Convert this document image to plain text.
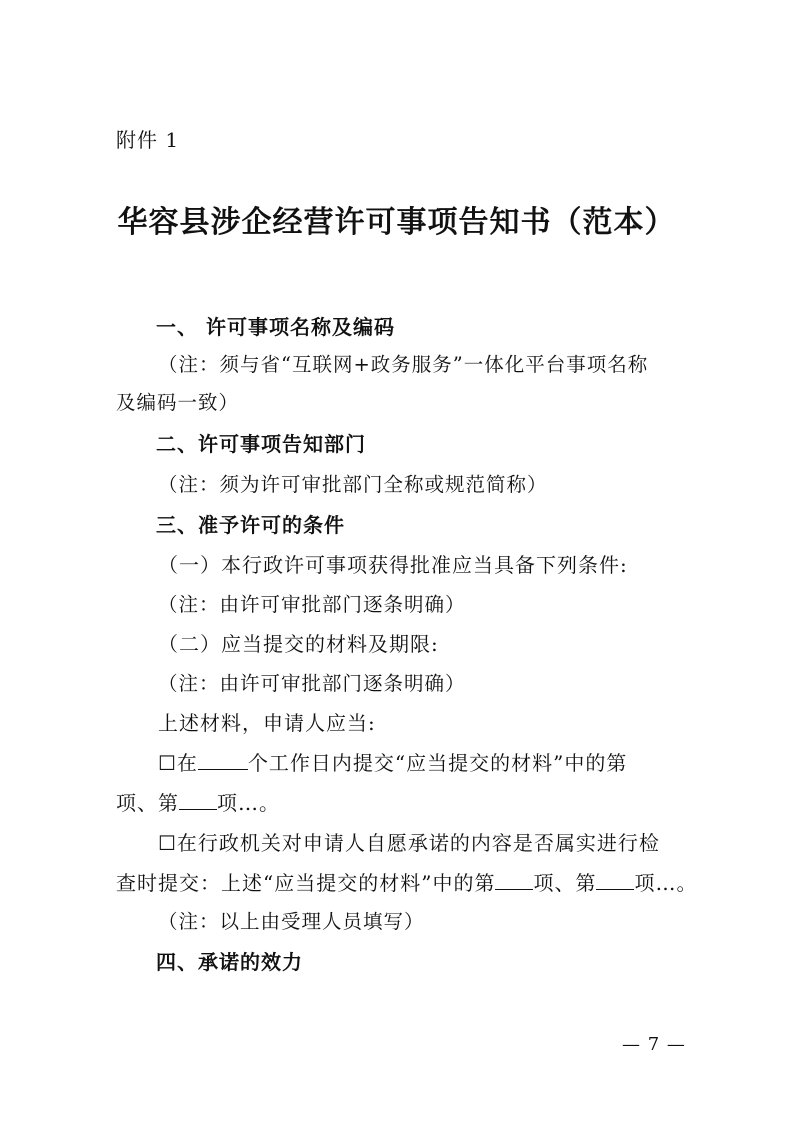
附件 1
华容县涉企经营许可事项告知书（范本）
一、 许可事项名称及编码
（注：须与省“互联网+政务服务”一体化平台事项名称
及编码一致）
二、许可事项告知部门
（注：须为许可审批部门全称或规范简称）
三、准予许可的条件
（一）本行政许可事项获得批准应当具备下列条件:
（注：由许可审批部门逐条明确）
（二）应当提交的材料及期限:
（注：由许可审批部门逐条明确）
上述材料，申请人应当:
☐在	个工作日内提交“应当提交的材料”中的第
项、第 项…。
☐在行政机关对申请人自愿承诺的内容是否属实进行检
查时提交：上述“应当提交的材料”中的第 项、第 项…。
（注：以上由受理人员填写）
四、承诺的效力
— 7 —
